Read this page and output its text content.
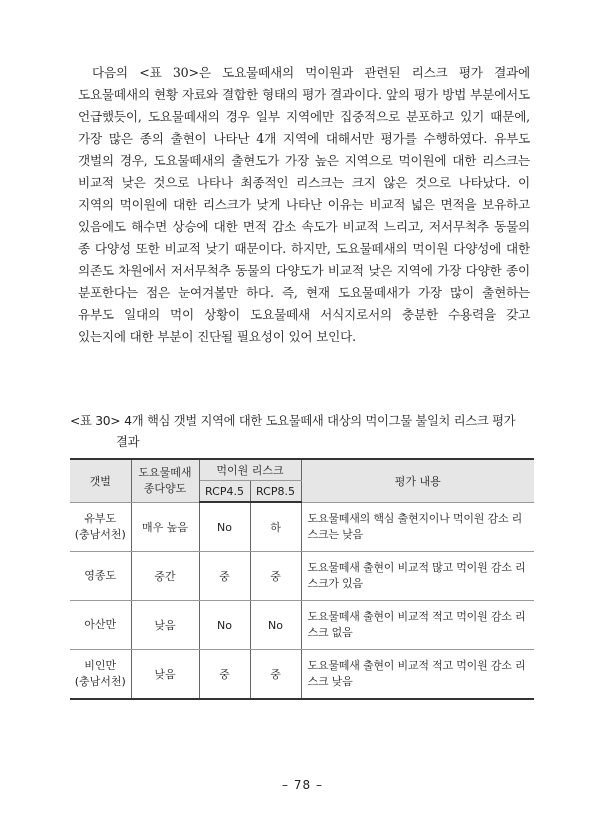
다음의 <표 30>은 도요물떼새의 먹이원과 관련된 리스크 평가 결과에 도요물떼새의 현황 자료와 결합한 형태의 평가 결과이다. 앞의 평가 방법 부분에서도 언급했듯이, 도요물떼새의 경우 일부 지역에만 집중적으로 분포하고 있기 때문에, 가장 많은 종의 출현이 나타난 4개 지역에 대해서만 평가를 수행하였다. 유부도 갯벌의 경우, 도요물떼새의 출현도가 가장 높은 지역으로 먹이원에 대한 리스크는 비교적 낮은 것으로 나타나 최종적인 리스크는 크지 않은 것으로 나타났다. 이 지역의 먹이원에 대한 리스크가 낮게 나타난 이유는 비교적 넓은 면적을 보유하고 있음에도 해수면 상승에 대한 면적 감소 속도가 비교적 느리고, 저서무척추 동물의 종 다양성 또한 비교적 낮기 때문이다. 하지만, 도요물떼새의 먹이원 다양성에 대한 의존도 차원에서 저서무척추 동물의 다양도가 비교적 낮은 지역에 가장 다양한 종이 분포한다는 점은 눈여겨볼만 하다. 즉, 현재 도요물떼새가 가장 많이 출현하는 유부도 일대의 먹이 상황이 도요물떼새 서식지로서의 충분한 수용력을 갖고 있는지에 대한 부분이 진단될 필요성이 있어 보인다.
<표 30> 4개 핵심 갯벌 지역에 대한 도요물떼새 대상의 먹이그물 불일치 리스크 평가
결과
갯벌	도요물떼새 종다양도	먹이원 리스크		평가 내용
		RCP4.5	RCP8.5	

유부도
(충남서천)	매우 높음	No	하	도요물떼새의 핵심 출현지이나 먹이원 감소 리스크는 낮음

영종도	중간	중	중	도요물떼새 출현이 비교적 많고 먹이원 감소 리스크가 있음

아산만	낮음	No	No	도요물떼새 출현이 비교적 적고 먹이원 감소 리스크 없음

비인만
(충남서천)	낮음	중	중	도요물떼새 출현이 비교적 적고 먹이원 감소 리스크 낮음
– 78 –
